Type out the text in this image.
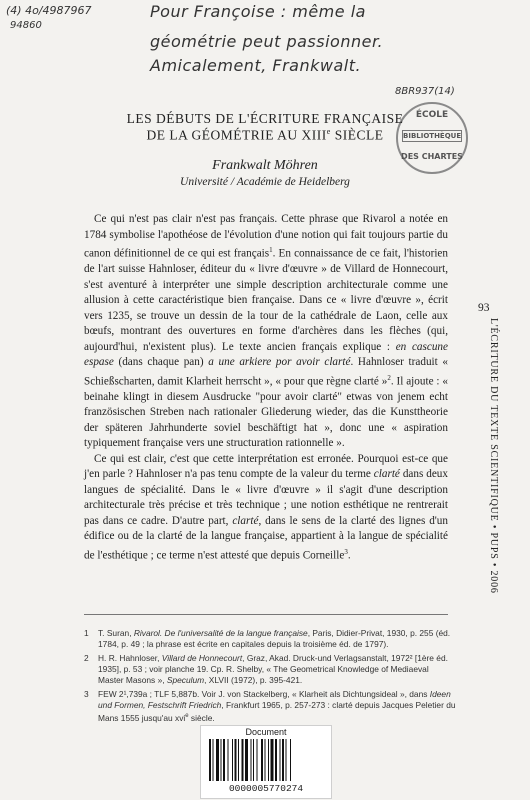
(4) 4o/4987967
94860
Pour Françoise : même la
géométrie peut passionner.
Amicalement, Frankwalt.
8BR937(14)
ÉCOLE
BIBLIOTHÈQUE
DES CHARTES
LES DÉBUTS DE L'ÉCRITURE FRANÇAISE
DE LA GÉOMÉTRIE AU XIIIe SIÈCLE
Frankwalt Möhren
Université / Académie de Heidelberg

Ce qui n'est pas clair n'est pas français. Cette phrase que Rivarol a notée en 1784 symbolise l'apothéose de l'évolution d'une notion qui fait toujours partie du canon définitionnel de ce qui est français$^1$. En connaissance de ce fait, l'historien de l'art suisse Hahnloser, éditeur du « livre d'œuvre » de Villard de Honnecourt, s'est aventuré à interpréter une simple description architecturale comme une allusion à cette caractéristique bien française. Dans ce « livre d'œuvre », écrit vers 1235, se trouve un dessin de la tour de la cathédrale de Laon, celle aux bœufs, montrant des ouvertures en forme d'archères dans les flèches (qui, aujourd'hui, n'existent plus). Le texte ancien français explique : en cascune espase (dans chaque pan) a une arkiere por avoir clarté. Hahnloser traduit « Schießscharten, damit Klarheit herrscht », « pour que règne clarté »$^2$. Il ajoute : « beinahe klingt in diesem Ausdrucke "pour avoir clarté" etwas von jenem echt französischen Streben nach rationaler Gliederung wieder, das die Kunsttheorie der späteren Jahrhunderte soviel beschäftigt hat », donc une « aspiration typiquement française vers une structuration rationnelle ».

Ce qui est clair, c'est que cette interprétation est erronée. Pourquoi est-ce que j'en parle ? Hahnloser n'a pas tenu compte de la valeur du terme clarté dans deux langues de spécialité. Dans le « livre d'œuvre » il s'agit d'une description architecturale très précise et très technique ; une notion esthétique ne rentrerait pas dans ce cadre. D'autre part, clarté, dans le sens de la clarté des lignes d'un édifice ou de la clarté de la langue française, appartient à la langue de spécialité de l'esthétique ; ce terme n'est attesté que depuis Corneille$^3$.

93
L'ÉCRITURE DU TEXTE SCIENTIFIQUE • PUPS • 2006
1 T. Suran, Rivarol. De l'universalité de la langue française, Paris, Didier-Privat, 1930, p. 255 (éd. 1784, p. 49 ; la phrase est écrite en capitales depuis la troisième éd. de 1797).
2 H. R. Hahnloser, Villard de Honnecourt, Graz, Akad. Druck-und Verlagsanstalt, 1972² [1ère éd. 1935], p. 53 ; voir planche 19. Cp. R. Shelby, « The Geometrical Knowledge of Mediaeval Master Masons », Speculum, XLVII (1972), p. 395-421.
3 FEW 2¹,739a ; TLF 5,887b. Voir J. von Stackelberg, « Klarheit als Dichtungsideal », dans Ideen und Formen, Festschrift Friedrich, Frankfurt 1965, p. 257-273 : clarté depuis Jacques Peletier du Mans 1555 jusqu'au xvi$^e$ siècle.
Document
0000005770274
